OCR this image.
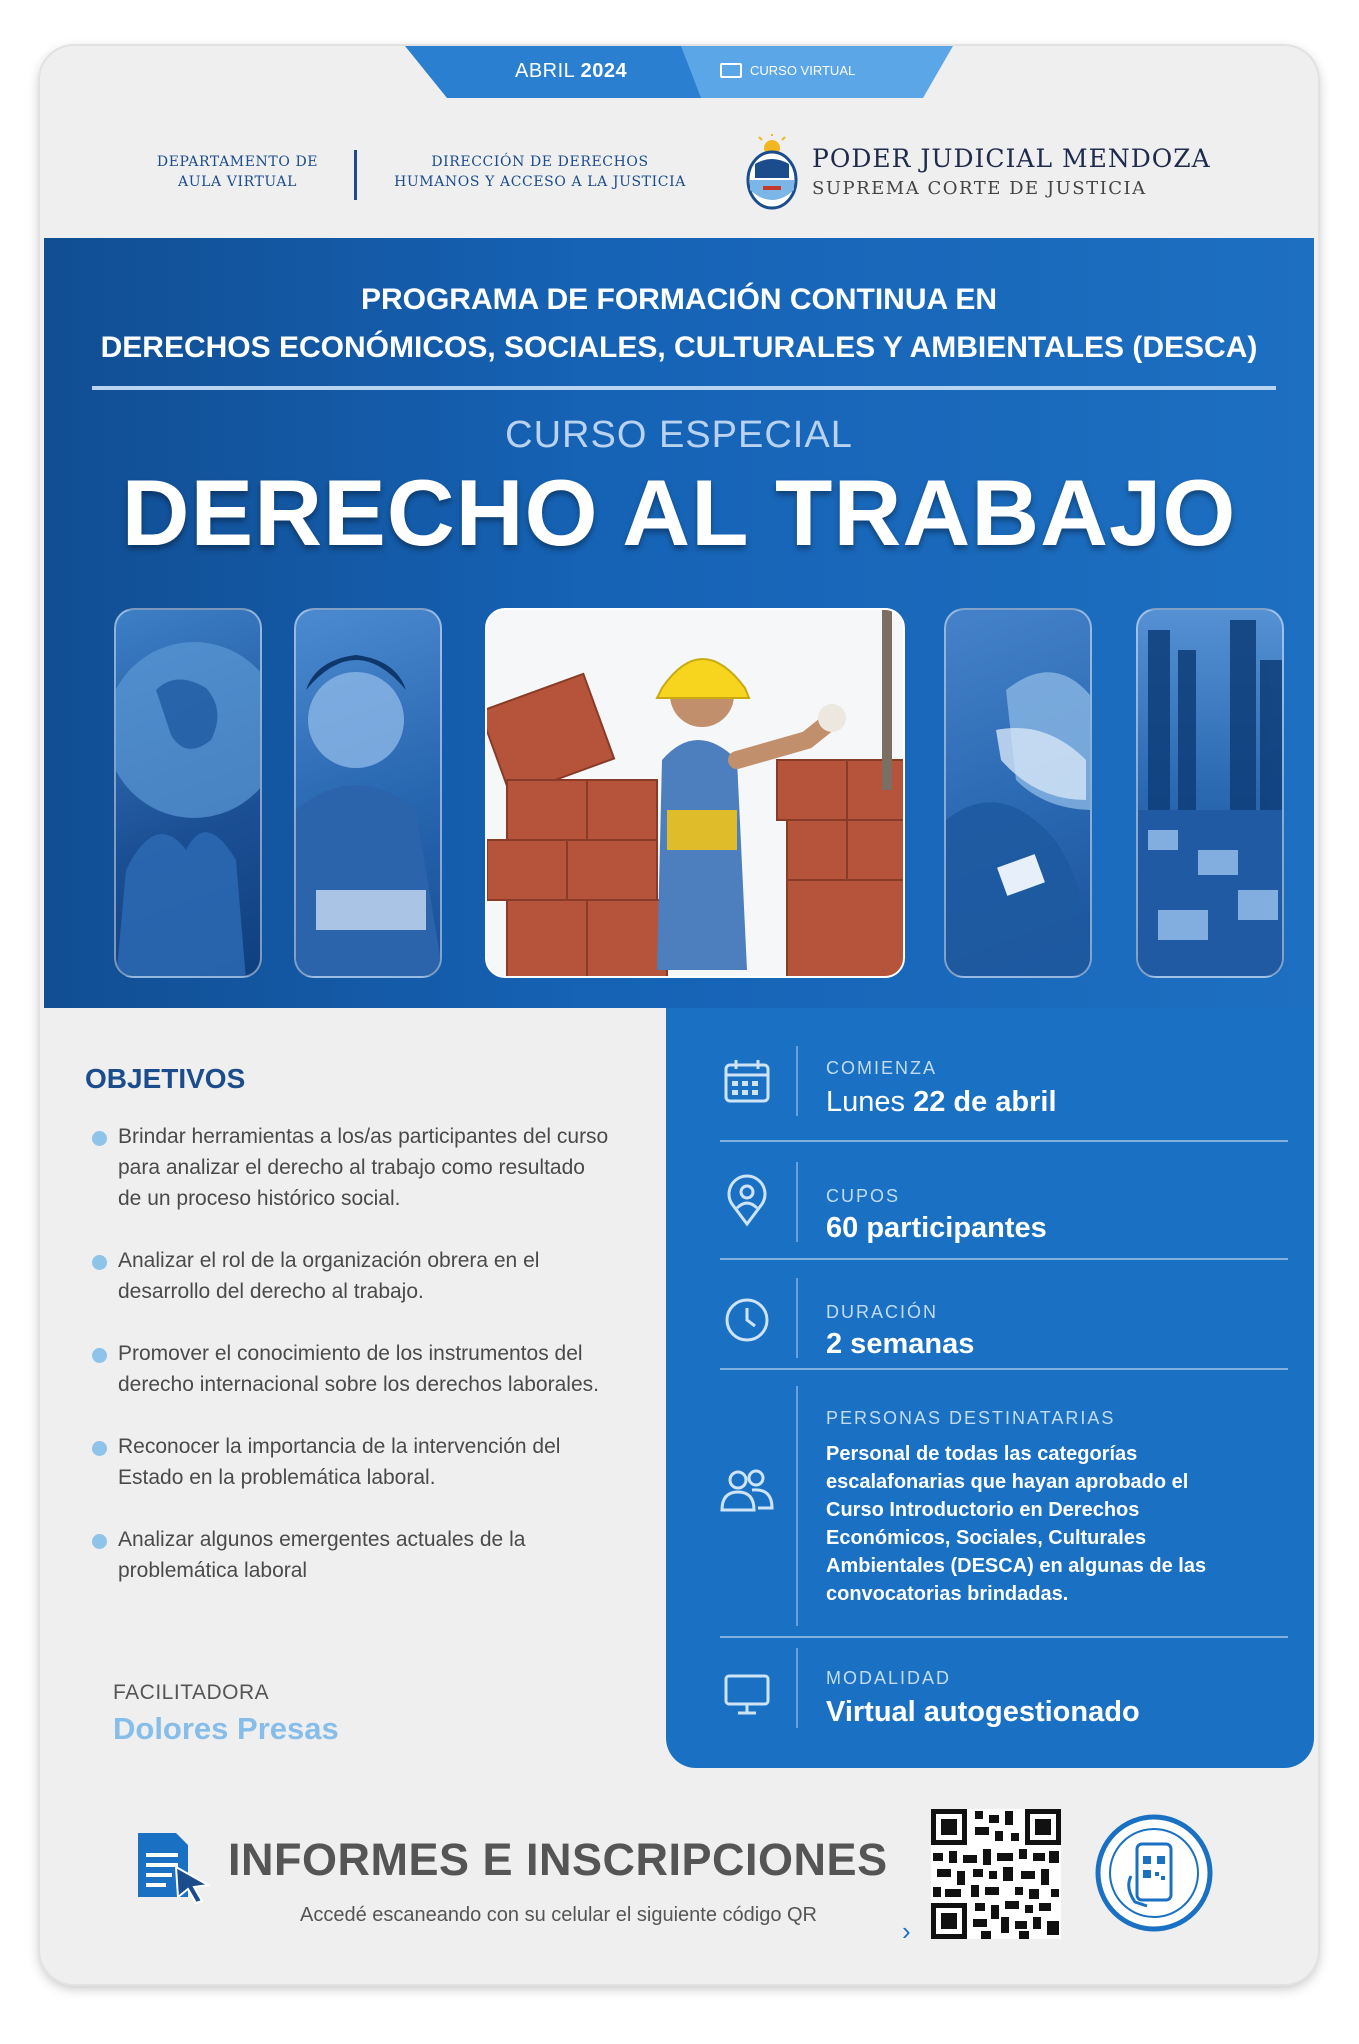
ABRIL 2024	CURSO VIRTUAL
DEPARTAMENTO DE
AULA VIRTUAL
DIRECCIÓN DE DERECHOS
HUMANOS Y ACCESO A LA JUSTICIA
PODER JUDICIAL MENDOZA
SUPREMA CORTE DE JUSTICIA
PROGRAMA DE FORMACIÓN CONTINUA EN
DERECHOS ECONÓMICOS, SOCIALES, CULTURALES Y AMBIENTALES (DESCA)
CURSO ESPECIAL
DERECHO AL TRABAJO
OBJETIVOS
Brindar herramientas a los/as participantes del curso para analizar el derecho al trabajo como resultado de un proceso histórico social.
Analizar el rol de la organización obrera en el desarrollo del derecho al trabajo.
Promover el conocimiento de los instrumentos del derecho internacional sobre los derechos laborales.
Reconocer la importancia de la intervención del Estado en la problemática laboral.
Analizar algunos emergentes actuales de la problemática laboral
FACILITADORA
Dolores Presas
COMIENZA
Lunes 22 de abril
CUPOS
60 participantes
DURACIÓN
2 semanas
PERSONAS DESTINATARIAS
Personal de todas las categorías escalafonarias que hayan aprobado el Curso Introductorio en Derechos Económicos, Sociales, Culturales Ambientales (DESCA) en algunas de las convocatorias brindadas.
MODALIDAD
Virtual autogestionado
INFORMES E INSCRIPCIONES
Accedé escaneando con su celular el siguiente código QR
›
